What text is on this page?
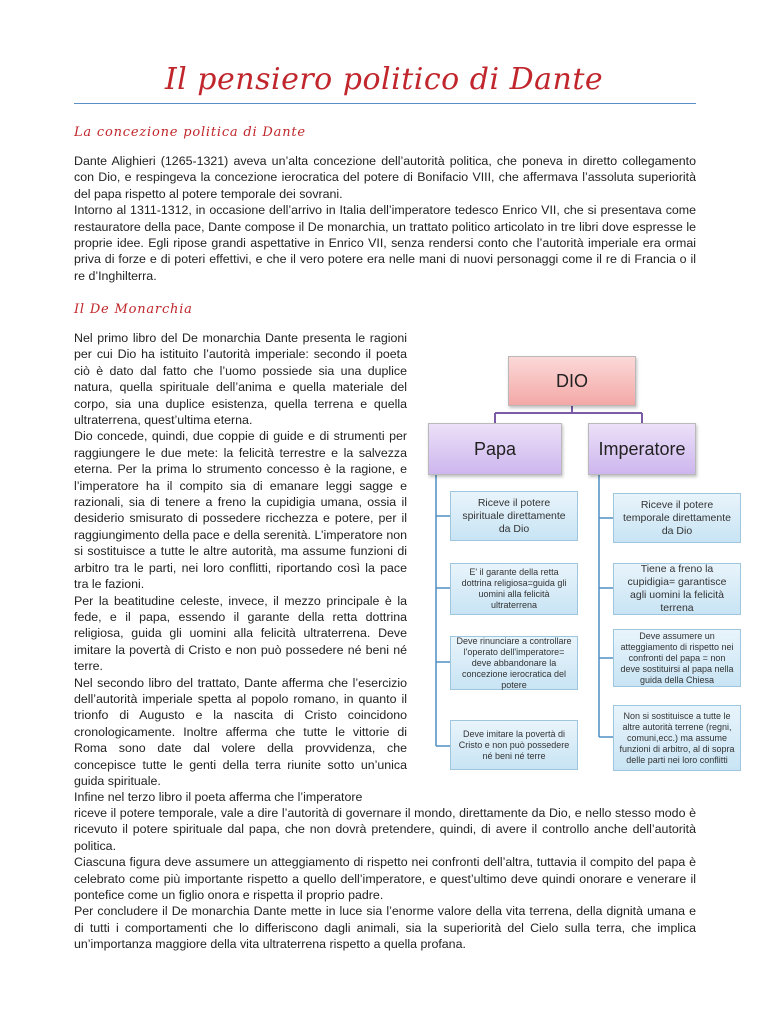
Il pensiero politico di Dante
La concezione politica di Dante

Dante Alighieri (1265-1321) aveva un’alta concezione dell’autorità politica, che poneva in diretto collegamento con Dio, e respingeva la concezione ierocratica del potere di Bonifacio VIII, che affermava l’assoluta superiorità del papa rispetto al potere temporale dei sovrani.

Intorno al 1311-1312, in occasione dell’arrivo in Italia dell’imperatore tedesco Enrico VII, che si presentava come restauratore della pace, Dante compose il De monarchia, un trattato politico articolato in tre libri dove espresse le proprie idee. Egli ripose grandi aspettative in Enrico VII, senza rendersi conto che l’autorità imperiale era ormai priva di forze e di poteri effettivi, e che il vero potere era nelle mani di nuovi personaggi come il re di Francia o il re d’Inghilterra.

Il De Monarchia

Nel primo libro del De monarchia Dante presenta le ragioni per cui Dio ha istituito l’autorità imperiale: secondo il poeta ciò è dato dal fatto che l’uomo possiede sia una duplice natura, quella spirituale dell’anima e quella materiale del corpo, sia una duplice esistenza, quella terrena e quella ultraterrena, quest’ultima eterna.

Dio concede, quindi, due coppie di guide e di strumenti per raggiungere le due mete: la felicità terrestre e la salvezza eterna. Per la prima lo strumento concesso è la ragione, e l’imperatore ha il compito sia di emanare leggi sagge e razionali, sia di tenere a freno la cupidigia umana, ossia il desiderio smisurato di possedere ricchezza e potere, per il raggiungimento della pace e della serenità. L’imperatore non si sostituisce a tutte le altre autorità, ma assume funzioni di arbitro tra le parti, nei loro conflitti, riportando così la pace tra le fazioni.

Per la beatitudine celeste, invece, il mezzo principale è la fede, e il papa, essendo il garante della retta dottrina religiosa, guida gli uomini alla felicità ultraterrena. Deve imitare la povertà di Cristo e non può possedere né beni né terre.

Nel secondo libro del trattato, Dante afferma che l’esercizio dell’autorità imperiale spetta al popolo romano, in quanto il trionfo di Augusto e la nascita di Cristo coincidono cronologicamente. Inoltre afferma che tutte le vittorie di Roma sono date dal volere della provvidenza, che concepisce tutte le genti della terra riunite sotto un’unica guida spirituale.

Infine nel terzo libro il poeta afferma che l’imperatore

riceve il potere temporale, vale a dire l’autorità di governare il mondo, direttamente da Dio, e nello stesso modo è ricevuto il potere spirituale dal papa, che non dovrà pretendere, quindi, di avere il controllo anche dell’autorità politica.

Ciascuna figura deve assumere un atteggiamento di rispetto nei confronti dell’altra, tuttavia il compito del papa è celebrato come più importante rispetto a quello dell’imperatore, e quest’ultimo deve quindi onorare e venerare il pontefice come un figlio onora e rispetta il proprio padre.

Per concludere il De monarchia Dante mette in luce sia l’enorme valore della vita terrena, della dignità umana e di tutti i comportamenti che lo differiscono dagli animali, sia la superiorità del Cielo sulla terra, che implica un’importanza maggiore della vita ultraterrena rispetto a quella profana.

DIO
Papa	Imperatore
Riceve il potere spirituale direttamente da Dio
E' il garante della retta dottrina religiosa=guida gli uomini alla felicità ultraterrena
Deve rinunciare a controllare l'operato dell'imperatore= deve abbandonare la concezione ierocratica del potere
Deve imitare la povertà di Cristo e non può possedere né beni né terre
Riceve il potere temporale direttamente da Dio
Tiene a freno la cupidigia= garantisce agli uomini la felicità terrena
Deve assumere un atteggiamento di rispetto nei confronti del papa = non deve sostituirsi al papa nella guida della Chiesa
Non si sostituisce a tutte le altre autorità terrene (regni, comuni,ecc.) ma assume funzioni di arbitro, al di sopra delle parti nei loro conflitti
